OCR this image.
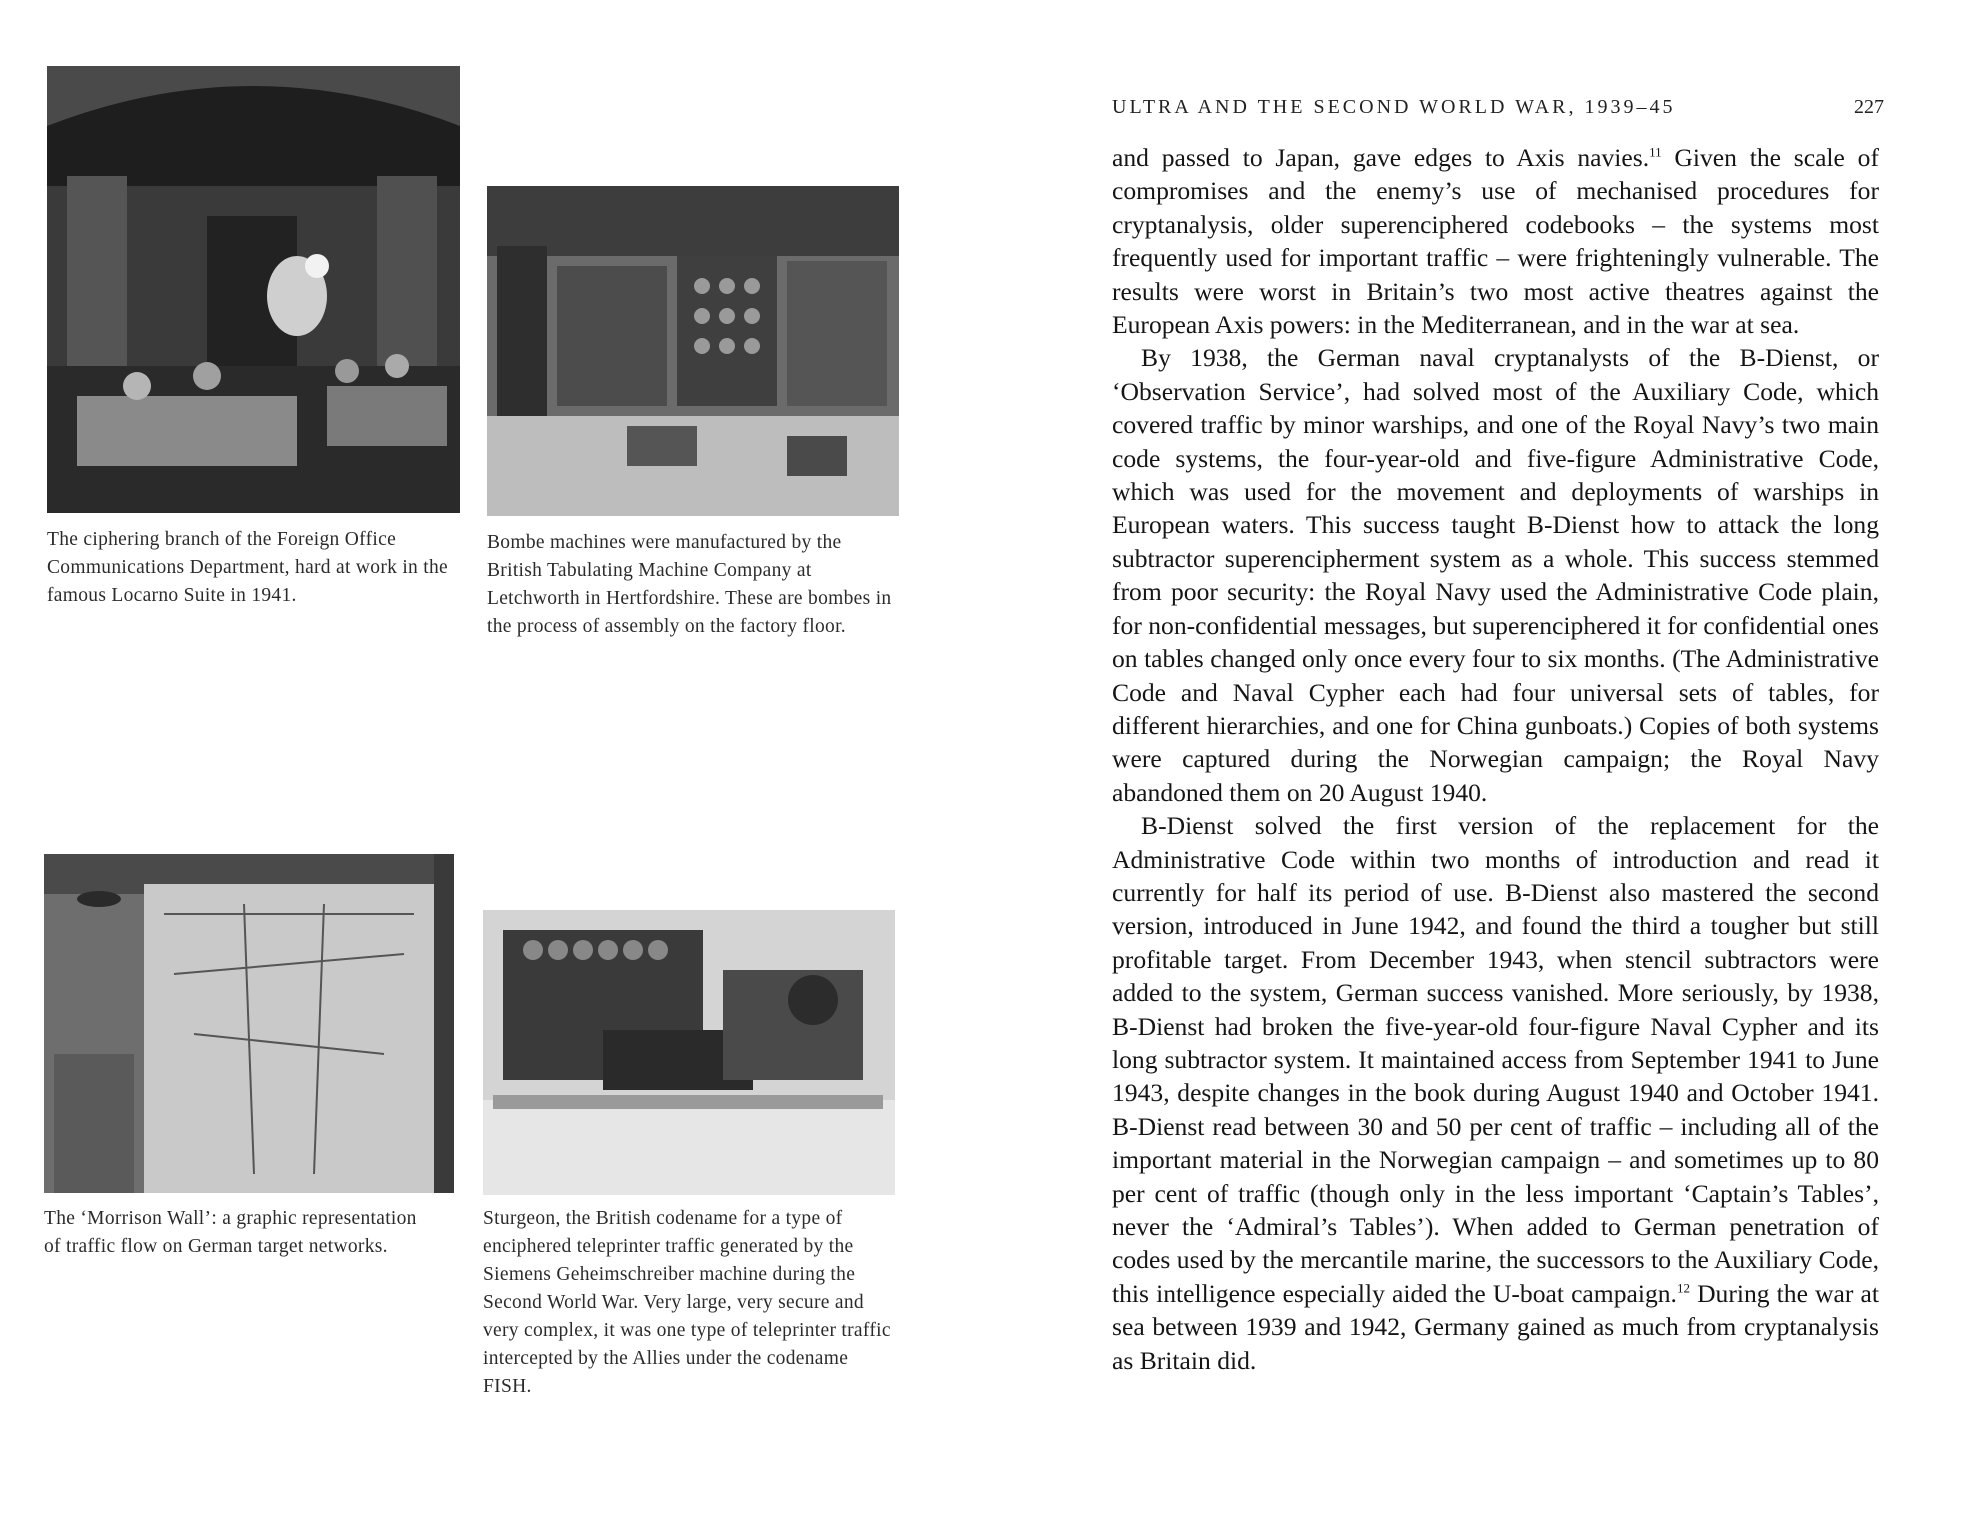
The ciphering branch of the Foreign Office Communications Department, hard at work in the famous Locarno Suite in 1941.
Bombe machines were manufactured by the British Tabulating Machine Company at Letchworth in Hertfordshire. These are bombes in the process of assembly on the factory floor.
The ‘Morrison Wall’: a graphic representation of traffic flow on German target networks.
Sturgeon, the British codename for a type of enciphered teleprinter traffic generated by the Siemens Geheimschreiber machine during the Second World War. Very large, very secure and very complex, it was one type of teleprinter traffic intercepted by the Allies under the codename FISH.
ULTRA AND THE SECOND WORLD WAR, 1939–45	227

and passed to Japan, gave edges to Axis navies.$^{11}$ Given the scale of compromises and the enemy’s use of mechanised procedures for cryptanalysis, older superenciphered codebooks – the systems most frequently used for important traffic – were frighteningly vulnerable. The results were worst in Britain’s two most active theatres against the European Axis powers: in the Mediterranean, and in the war at sea.

By 1938, the German naval cryptanalysts of the B-Dienst, or ‘Observation Service’, had solved most of the Auxiliary Code, which covered traffic by minor warships, and one of the Royal Navy’s two main code systems, the four-year-old and five-figure Administrative Code, which was used for the movement and deployments of warships in European waters. This success taught B-Dienst how to attack the long subtractor superencipherment system as a whole. This success stemmed from poor security: the Royal Navy used the Administrative Code plain, for non-confidential messages, but superenciphered it for confidential ones on tables changed only once every four to six months. (The Administrative Code and Naval Cypher each had four universal sets of tables, for different hierarchies, and one for China gunboats.) Copies of both systems were captured during the Norwegian campaign; the Royal Navy abandoned them on 20 August 1940.

B-Dienst solved the first version of the replacement for the Administrative Code within two months of introduction and read it currently for half its period of use. B-Dienst also mastered the second version, introduced in June 1942, and found the third a tougher but still profitable target. From December 1943, when stencil subtractors were added to the system, German success vanished. More seriously, by 1938, B-Dienst had broken the five-year-old four-figure Naval Cypher and its long subtractor system. It maintained access from September 1941 to June 1943, despite changes in the book during August 1940 and October 1941. B-Dienst read between 30 and 50 per cent of traffic – including all of the important material in the Norwegian campaign – and sometimes up to 80 per cent of traffic (though only in the less important ‘Captain’s Tables’, never the ‘Admiral’s Tables’). When added to German penetration of codes used by the mercantile marine, the successors to the Auxiliary Code, this intelligence especially aided the U-boat campaign.$^{12}$ During the war at sea between 1939 and 1942, Germany gained as much from cryptanalysis as Britain did.
